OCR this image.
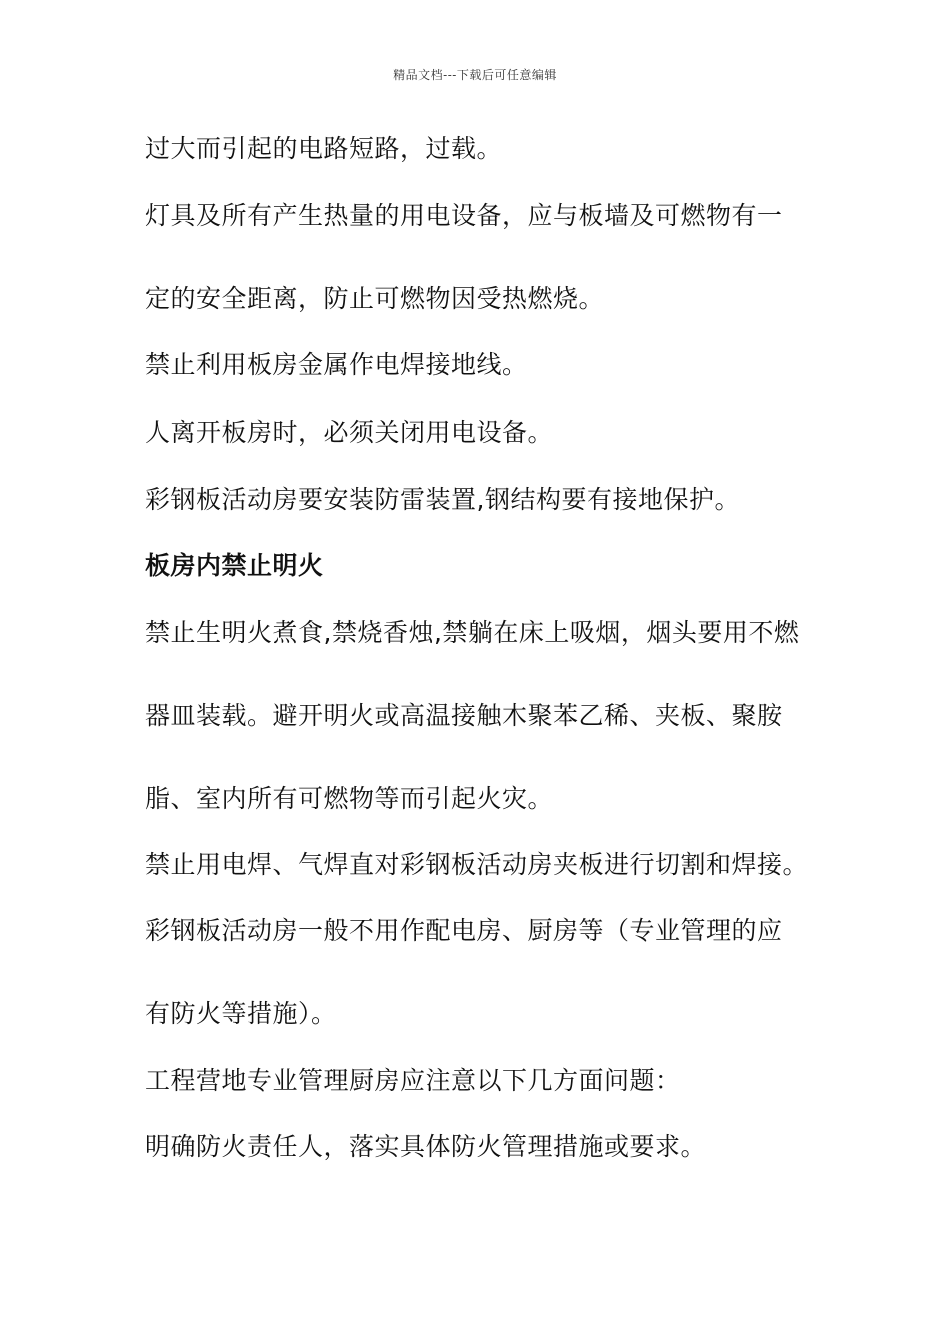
精品文档---下载后可任意编辑
过大而引起的电路短路，过载。
灯具及所有产生热量的用电设备，应与板墙及可燃物有一
定的安全距离，防止可燃物因受热燃烧。
禁止利用板房金属作电焊接地线。
人离开板房时，必须关闭用电设备。
彩钢板活动房要安装防雷装置,钢结构要有接地保护。
板房内禁止明火
禁止生明火煮食,禁烧香烛,禁躺在床上吸烟，烟头要用不燃
器皿装载。避开明火或高温接触木聚苯乙稀、夹板、聚胺
脂、室内所有可燃物等而引起火灾。
禁止用电焊、气焊直对彩钢板活动房夹板进行切割和焊接。
彩钢板活动房一般不用作配电房、厨房等（专业管理的应
有防火等措施）。
工程营地专业管理厨房应注意以下几方面问题：
明确防火责任人，落实具体防火管理措施或要求。
